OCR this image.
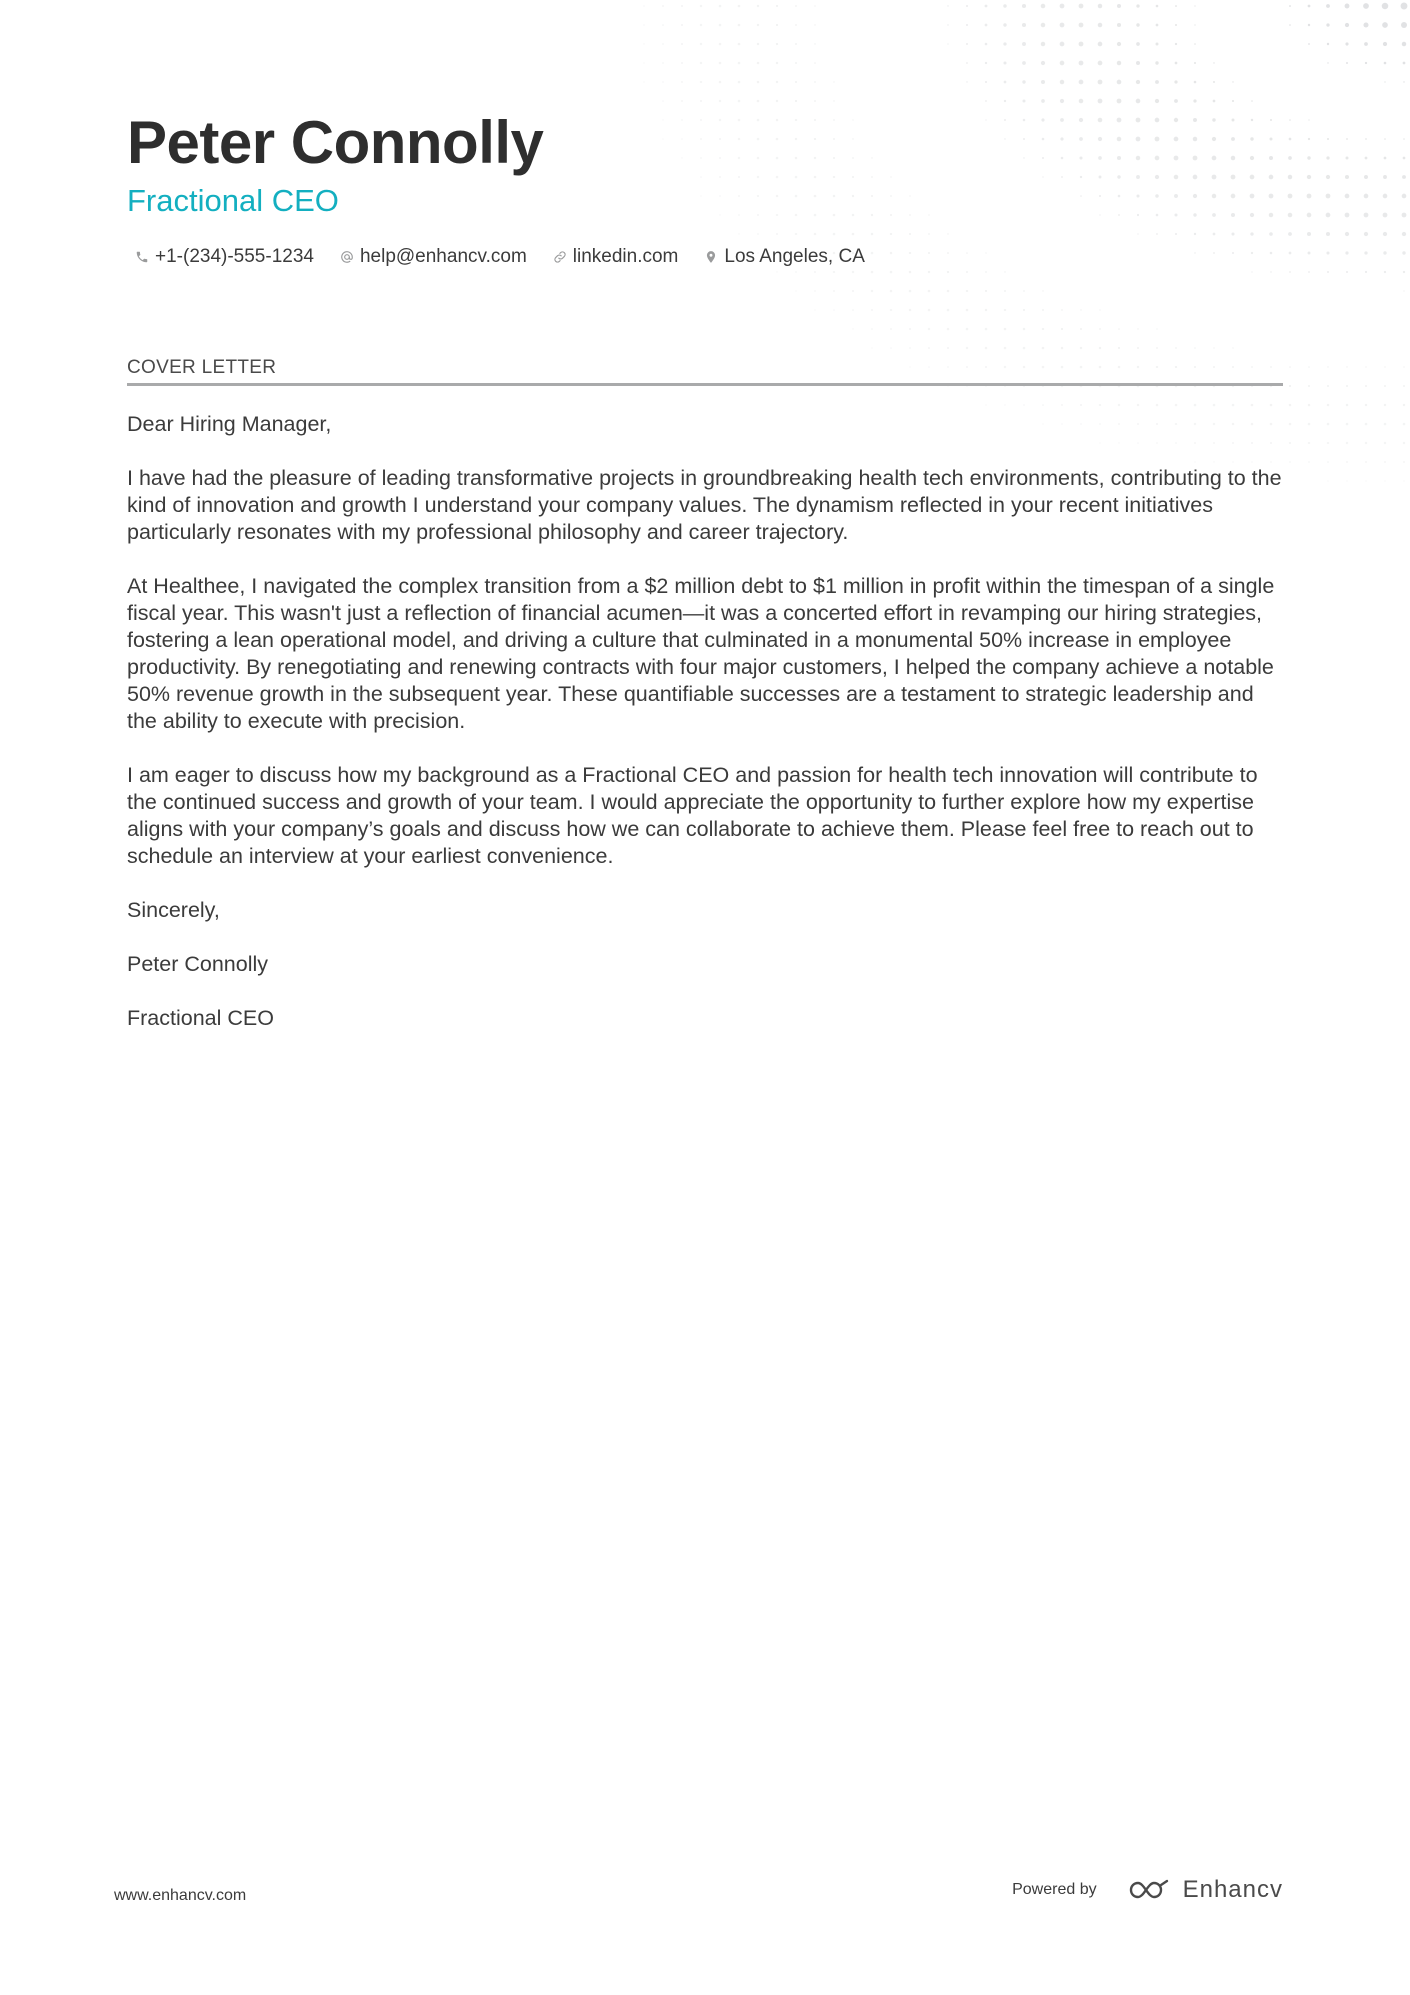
Peter Connolly
Fractional CEO
+1-(234)-555-1234 help@enhancv.com linkedin.com Los Angeles, CA
COVER LETTER

Dear Hiring Manager,

I have had the pleasure of leading transformative projects in groundbreaking health tech environments, contributing to the kind of innovation and growth I understand your company values. The dynamism reflected in your recent initiatives particularly resonates with my professional philosophy and career trajectory.

At Healthee, I navigated the complex transition from a $2 million debt to $1 million in profit within the timespan of a single fiscal year. This wasn't just a reflection of financial acumen—it was a concerted effort in revamping our hiring strategies, fostering a lean operational model, and driving a culture that culminated in a monumental 50% increase in employee productivity. By renegotiating and renewing contracts with four major customers, I helped the company achieve a notable 50% revenue growth in the subsequent year. These quantifiable successes are a testament to strategic leadership and the ability to execute with precision.

I am eager to discuss how my background as a Fractional CEO and passion for health tech innovation will contribute to the continued success and growth of your team. I would appreciate the opportunity to further explore how my expertise aligns with your company’s goals and discuss how we can collaborate to achieve them. Please feel free to reach out to schedule an interview at your earliest convenience.

Sincerely,

Peter Connolly

Fractional CEO

www.enhancv.com	Powered by	Enhancv
